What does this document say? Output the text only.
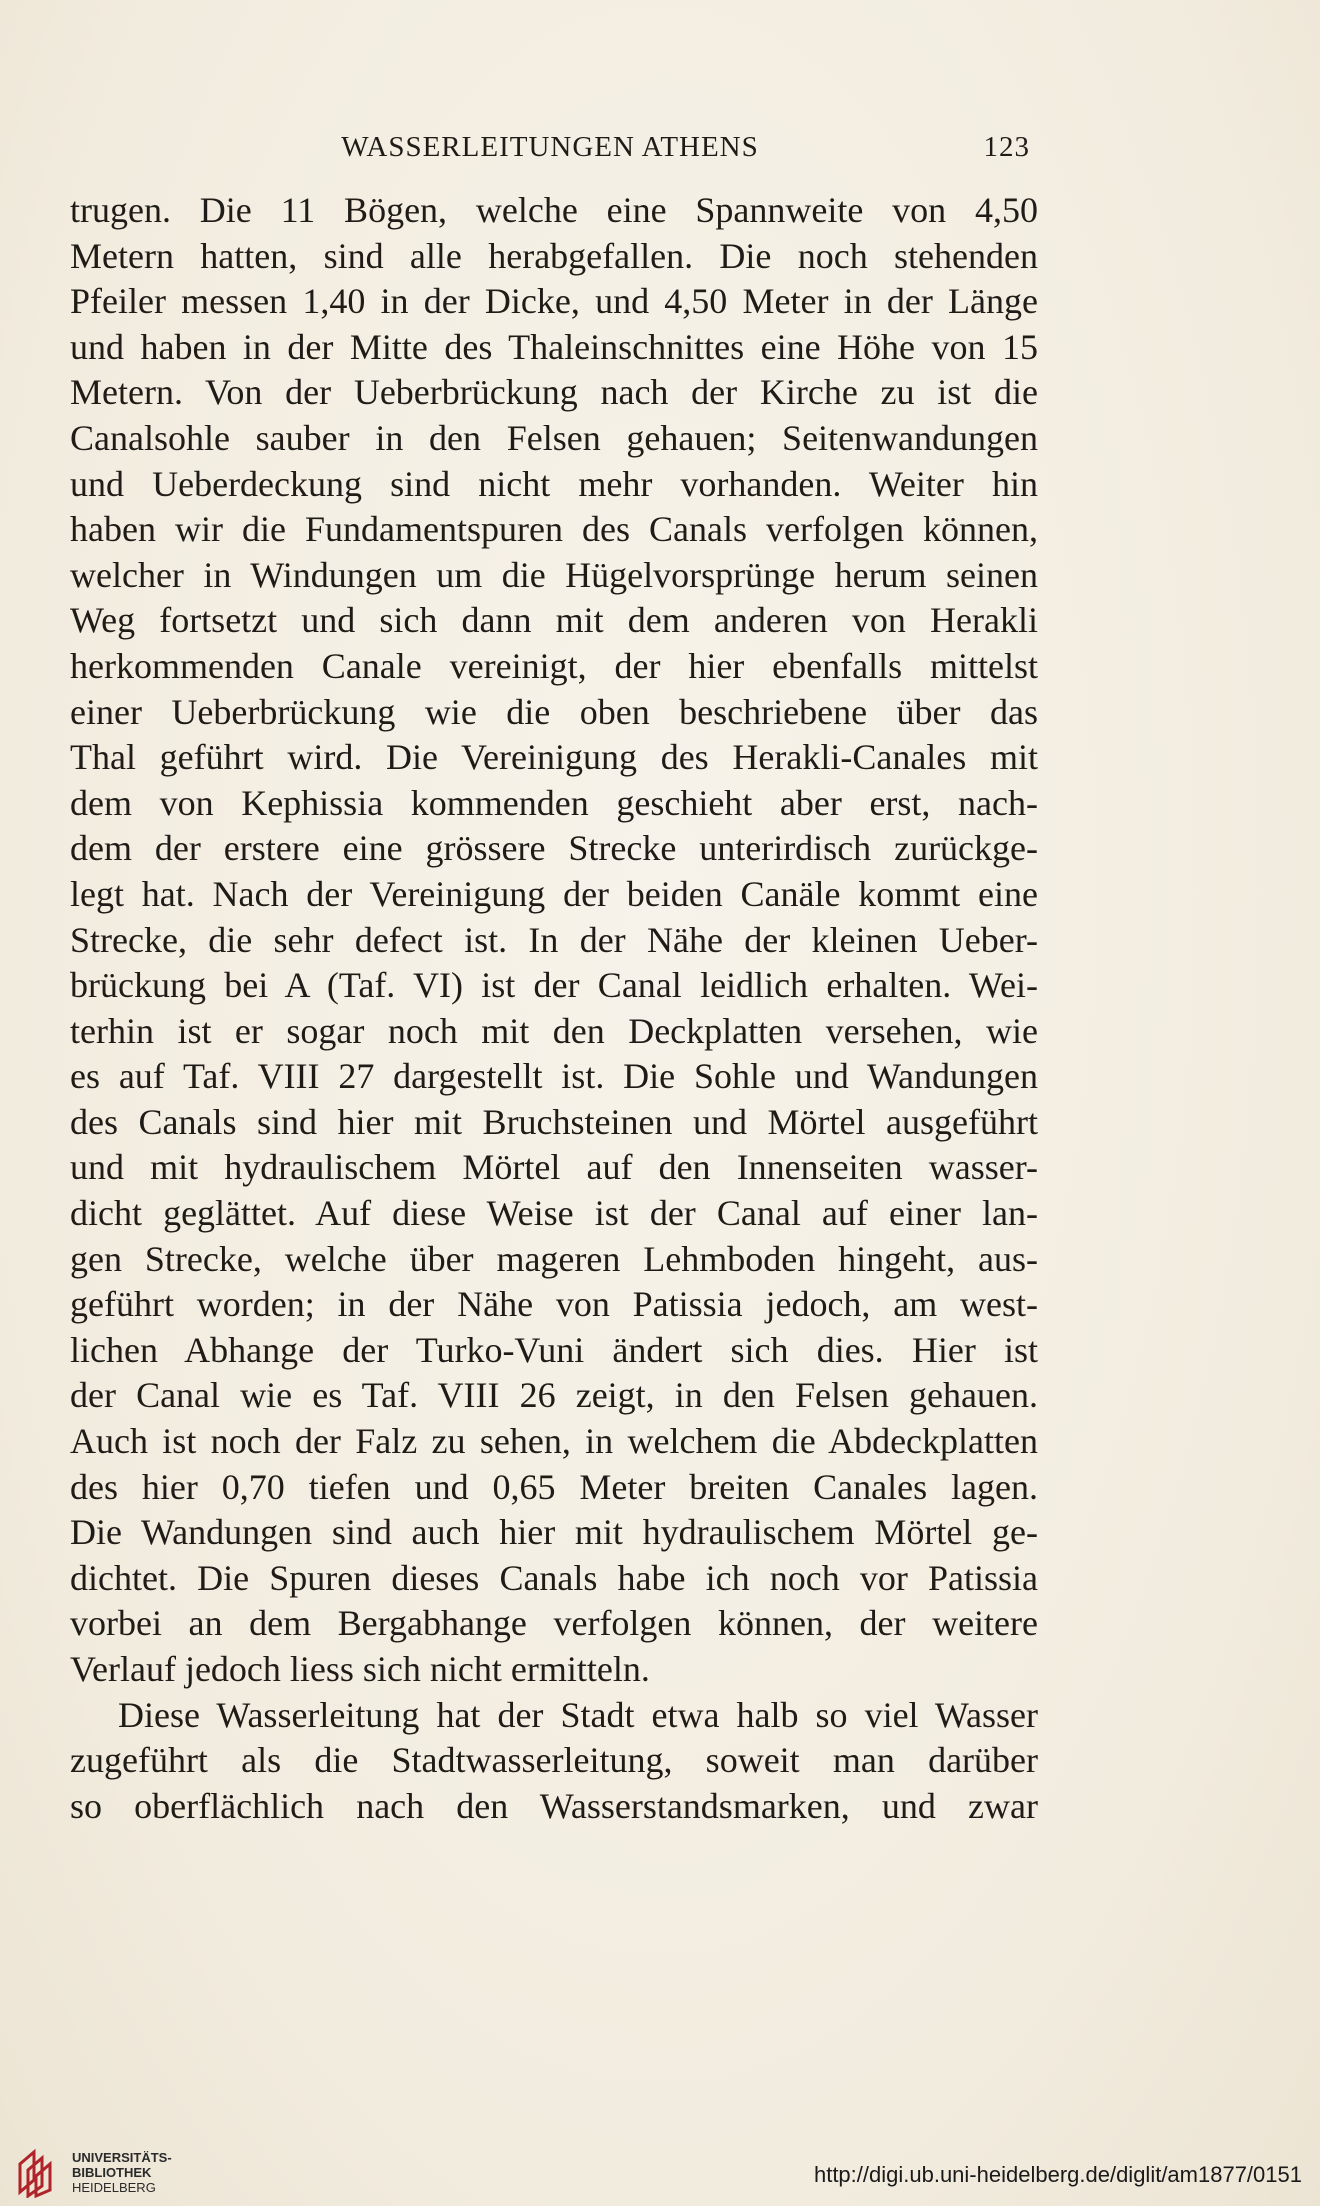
WASSERLEITUNGEN ATHENS	123
trugen. Die 11 Bögen, welche eine Spannweite von 4,50
Metern hatten, sind alle herabgefallen. Die noch stehenden
Pfeiler messen 1,40 in der Dicke, und 4,50 Meter in der Länge
und haben in der Mitte des Thaleinschnittes eine Höhe von 15
Metern. Von der Ueberbrückung nach der Kirche zu ist die
Canalsohle sauber in den Felsen gehauen; Seitenwandungen
und Ueberdeckung sind nicht mehr vorhanden. Weiter hin
haben wir die Fundamentspuren des Canals verfolgen können,
welcher in Windungen um die Hügelvorsprünge herum seinen
Weg fortsetzt und sich dann mit dem anderen von Herakli
herkommenden Canale vereinigt, der hier ebenfalls mittelst
einer Ueberbrückung wie die oben beschriebene über das
Thal geführt wird. Die Vereinigung des Herakli-Canales mit
dem von Kephissia kommenden geschieht aber erst, nach-
dem der erstere eine grössere Strecke unterirdisch zurückge-
legt hat. Nach der Vereinigung der beiden Canäle kommt eine
Strecke, die sehr defect ist. In der Nähe der kleinen Ueber-
brückung bei A (Taf. VI) ist der Canal leidlich erhalten. Wei-
terhin ist er sogar noch mit den Deckplatten versehen, wie
es auf Taf. VIII 27 dargestellt ist. Die Sohle und Wandungen
des Canals sind hier mit Bruchsteinen und Mörtel ausgeführt
und mit hydraulischem Mörtel auf den Innenseiten wasser-
dicht geglättet. Auf diese Weise ist der Canal auf einer lan-
gen Strecke, welche über mageren Lehmboden hingeht, aus-
geführt worden; in der Nähe von Patissia jedoch, am west-
lichen Abhange der Turko-Vuni ändert sich dies. Hier ist
der Canal wie es Taf. VIII 26 zeigt, in den Felsen gehauen.
Auch ist noch der Falz zu sehen, in welchem die Abdeckplatten
des hier 0,70 tiefen und 0,65 Meter breiten Canales lagen.
Die Wandungen sind auch hier mit hydraulischem Mörtel ge-
dichtet. Die Spuren dieses Canals habe ich noch vor Patissia
vorbei an dem Bergabhange verfolgen können, der weitere
Verlauf jedoch liess sich nicht ermitteln.
Diese Wasserleitung hat der Stadt etwa halb so viel Wasser
zugeführt als die Stadtwasserleitung, soweit man darüber
so oberflächlich nach den Wasserstandsmarken, und zwar
UNIVERSITÄTS-
BIBLIOTHEK
HEIDELBERG
http://digi.ub.uni-heidelberg.de/diglit/am1877/0151
